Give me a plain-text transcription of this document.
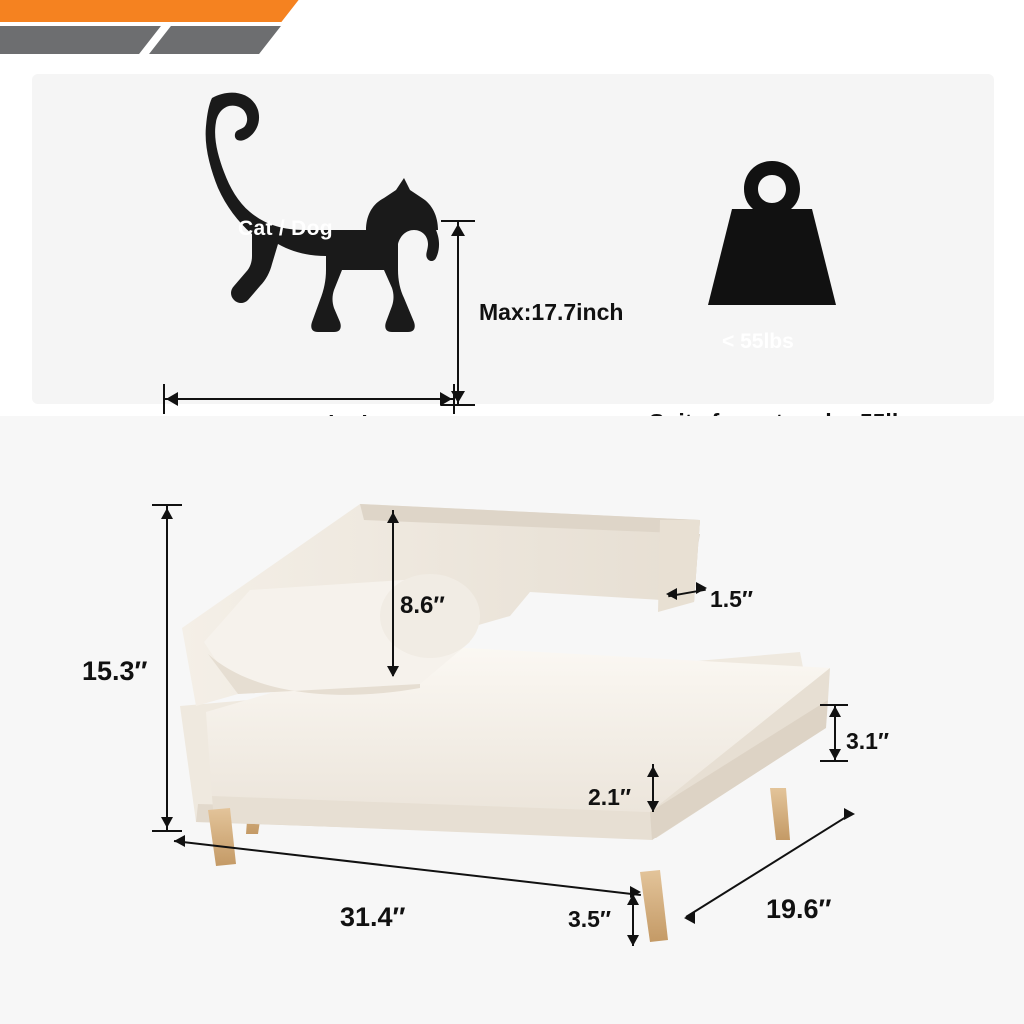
Cat / Dog
Max:17.7inch
< 55lbs
15.3″
8.6″	1.5″
3.1″
2.1″
31.4″	3.5″	19.6″
